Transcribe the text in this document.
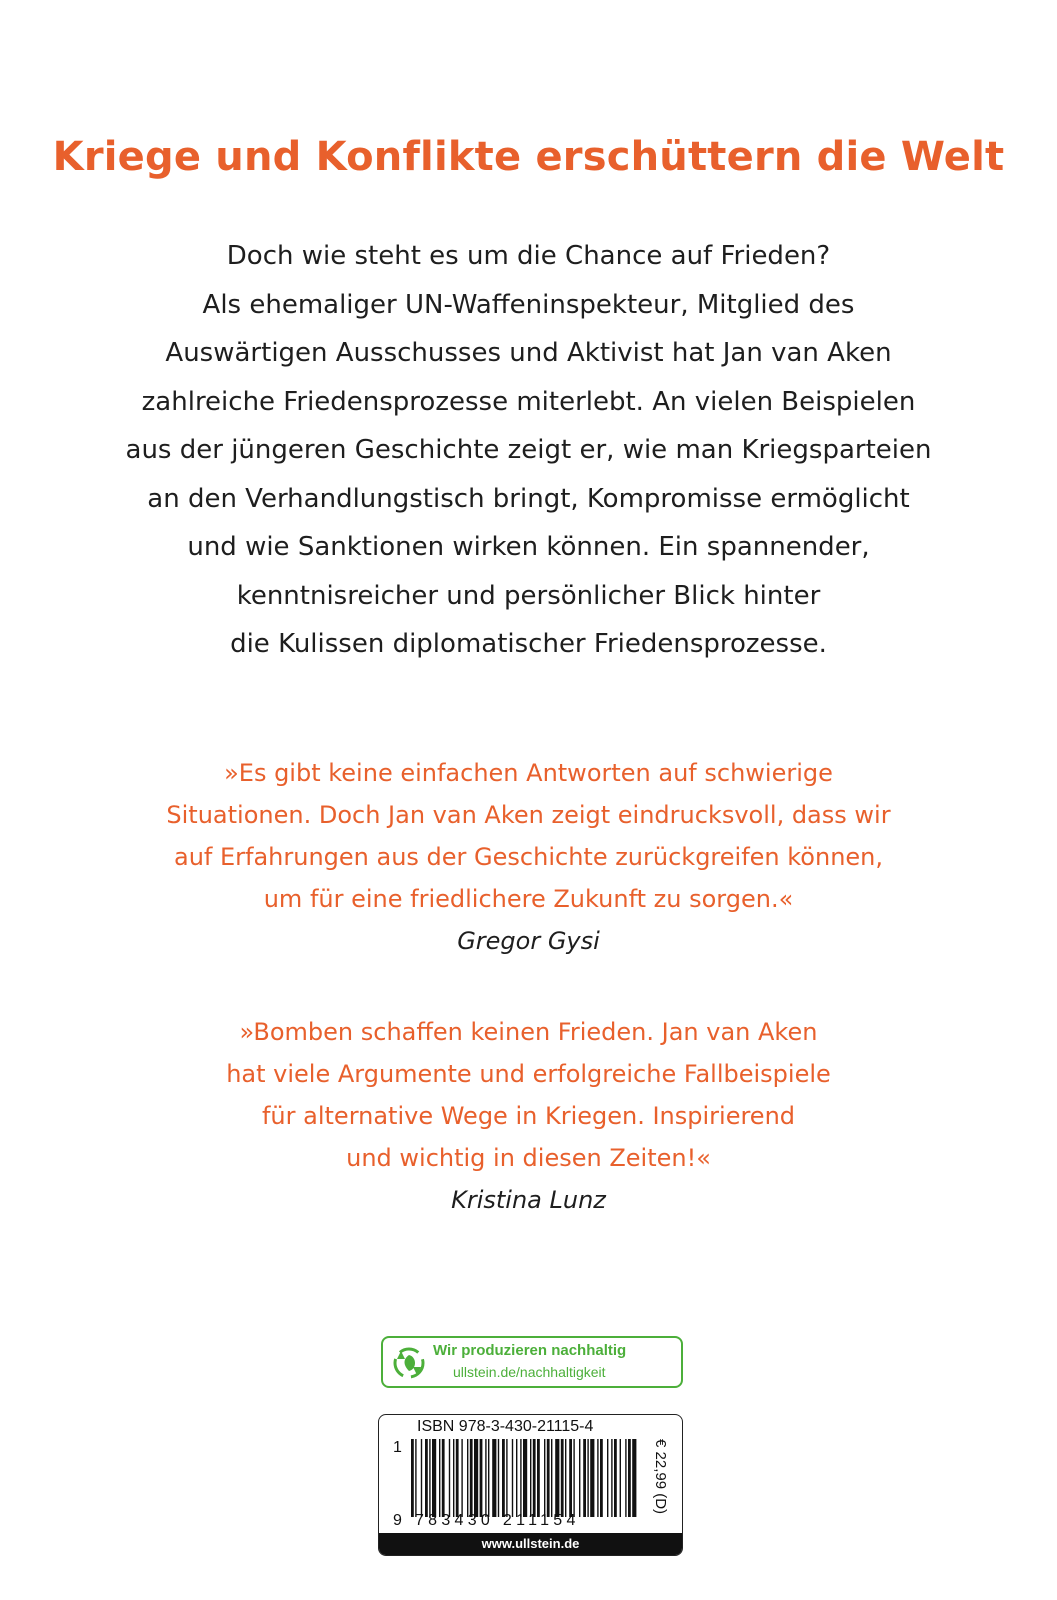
Kriege und Konflikte erschüttern die Welt
Doch wie steht es um die Chance auf Frieden?
Als ehemaliger UN-Waffeninspekteur, Mitglied des
Auswärtigen Ausschusses und Aktivist hat Jan van Aken
zahlreiche Friedensprozesse miterlebt. An vielen Beispielen
aus der jüngeren Geschichte zeigt er, wie man Kriegsparteien
an den Verhandlungstisch bringt, Kompromisse ermöglicht
und wie Sanktionen wirken können. Ein spannender,
kenntnisreicher und persönlicher Blick hinter
die Kulissen diplomatischer Friedensprozesse.
»Es gibt keine einfachen Antworten auf schwierige
Situationen. Doch Jan van Aken zeigt eindrucksvoll, dass wir
auf Erfahrungen aus der Geschichte zurückgreifen können,
um für eine friedlichere Zukunft zu sorgen.«
Gregor Gysi
»Bomben schaffen keinen Frieden. Jan van Aken
hat viele Argumente und erfolgreiche Fallbeispiele
für alternative Wege in Kriegen. Inspirierend
und wichtig in diesen Zeiten!«
Kristina Lunz
Wir produzieren nachhaltig
ullstein.de/nachhaltigkeit
ISBN 978-3-430-21115-4
1
9 783430 211154
€ 22,99 (D)
www.ullstein.de
